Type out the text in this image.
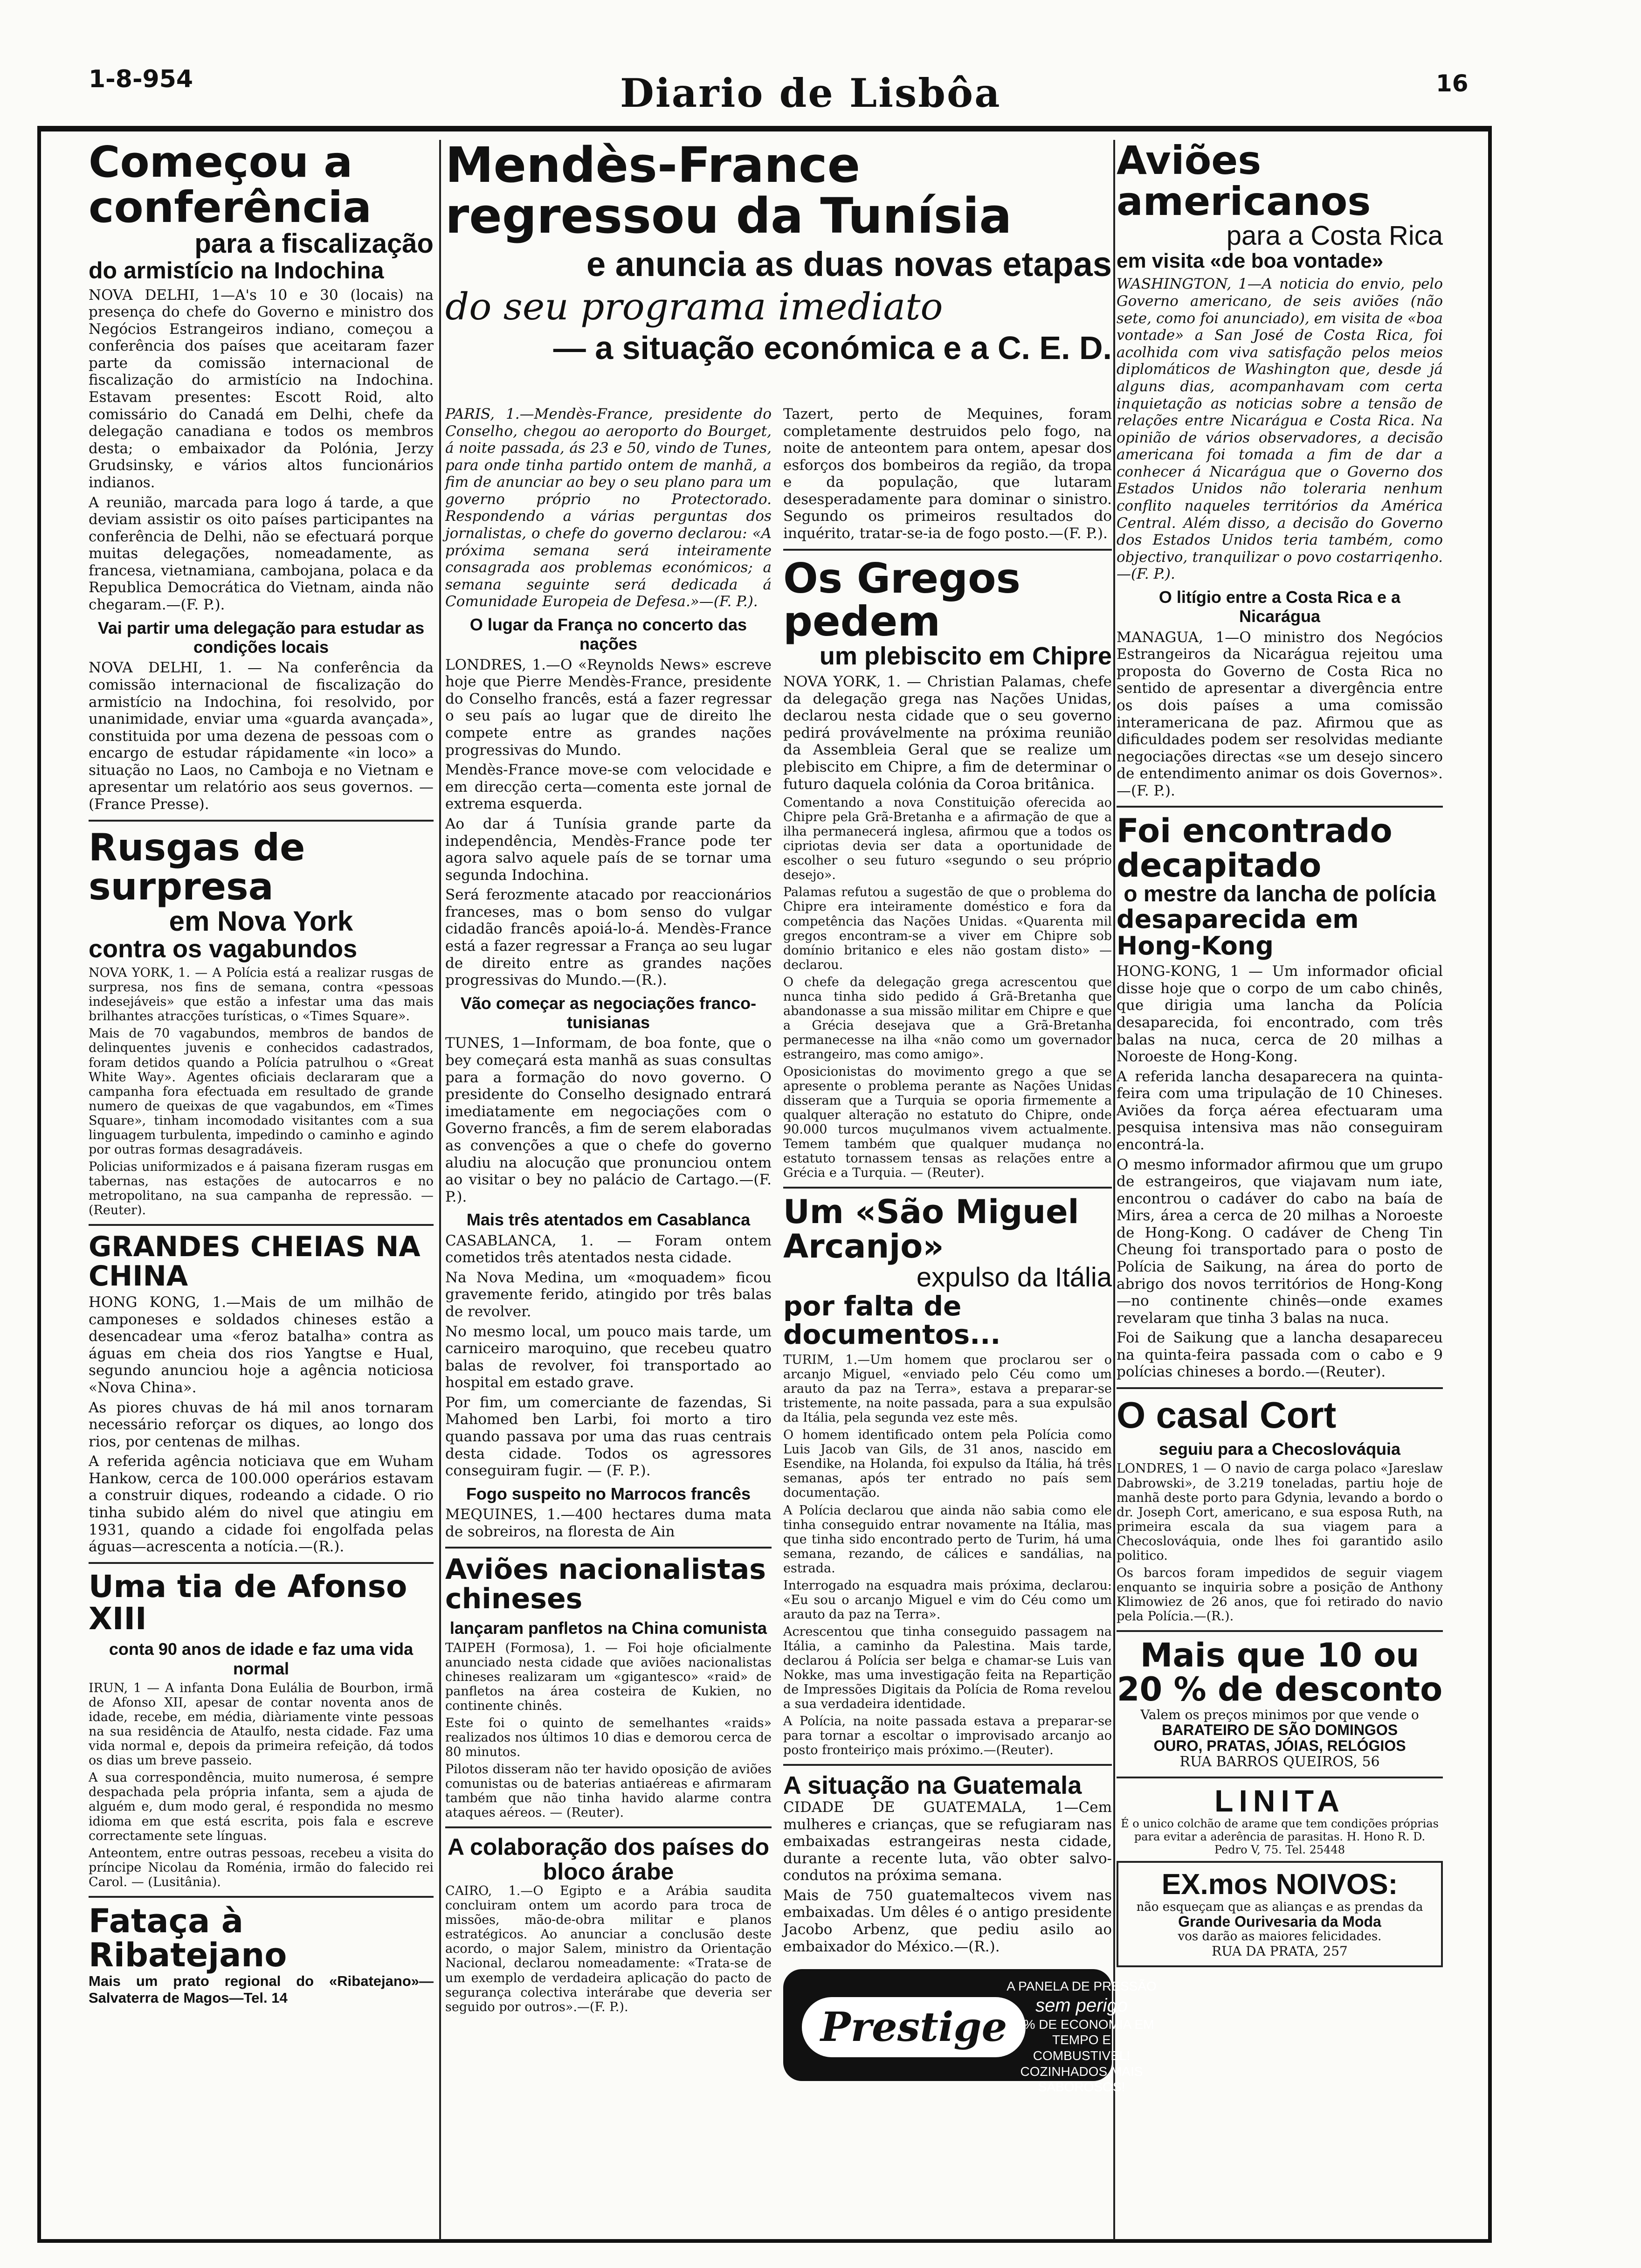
1-8-954	Diario de Lisbôa	16
Começou a conferência
para a fiscalização
do armistício na Indochina

NOVA DELHI, 1—A's 10 e 30 (locais) na presença do chefe do Governo e ministro dos Negócios Estrangeiros indiano, começou a conferência dos países que aceitaram fazer parte da comissão internacional de fiscalização do armistício na Indochina. Estavam presentes: Escott Roid, alto comissário do Canadá em Delhi, chefe da delegação canadiana e todos os membros desta; o embaixador da Polónia, Jerzy Grudsinsky, e vários altos funcionários indianos.

A reunião, marcada para logo á tarde, a que deviam assistir os oito países participantes na conferência de Delhi, não se efectuará porque muitas delegações, nomeadamente, as francesa, vietnamiana, cambojana, polaca e da Republica Democrática do Vietnam, ainda não chegaram.—(F. P.).

Vai partir uma delegação para estudar as condições locais

NOVA DELHI, 1. — Na conferência da comissão internacional de fiscalização do armistício na Indochina, foi resolvido, por unanimidade, enviar uma «guarda avançada», constituida por uma dezena de pessoas com o encargo de estudar rápidamente «in loco» a situação no Laos, no Camboja e no Vietnam e apresentar um relatório aos seus governos. — (France Presse).

Rusgas de surpresa
em Nova York
contra os vagabundos

NOVA YORK, 1. — A Polícia está a realizar rusgas de surpresa, nos fins de semana, contra «pessoas indesejáveis» que estão a infestar uma das mais brilhantes atracções turísticas, o «Times Square».

Mais de 70 vagabundos, membros de bandos de delinquentes juvenis e conhecidos cadastrados, foram detidos quando a Polícia patrulhou o «Great White Way». Agentes oficiais declararam que a campanha fora efectuada em resultado de grande numero de queixas de que vagabundos, em «Times Square», tinham incomodado visitantes com a sua linguagem turbulenta, impedindo o caminho e agindo por outras formas desagradáveis.

Policias uniformizados e á paisana fizeram rusgas em tabernas, nas estações de autocarros e no metropolitano, na sua campanha de repressão. — (Reuter).

GRANDES CHEIAS NA CHINA

HONG KONG, 1.—Mais de um milhão de camponeses e soldados chineses estão a desencadear uma «feroz batalha» contra as águas em cheia dos rios Yangtse e Hual, segundo anunciou hoje a agência noticiosa «Nova China».

As piores chuvas de há mil anos tornaram necessário reforçar os diques, ao longo dos rios, por centenas de milhas.

A referida agência noticiava que em Wuham Hankow, cerca de 100.000 operários estavam a construir diques, rodeando a cidade. O rio tinha subido além do nivel que atingiu em 1931, quando a cidade foi engolfada pelas águas—acrescenta a notícia.—(R.).

Uma tia de Afonso XIII
conta 90 anos de idade e faz uma vida normal

IRUN, 1 — A infanta Dona Eulália de Bourbon, irmã de Afonso XII, apesar de contar noventa anos de idade, recebe, em média, diàriamente vinte pessoas na sua residência de Ataulfo, nesta cidade. Faz uma vida normal e, depois da primeira refeição, dá todos os dias um breve passeio.

A sua correspondência, muito numerosa, é sempre despachada pela própria infanta, sem a ajuda de alguém e, dum modo geral, é respondida no mesmo idioma em que está escrita, pois fala e escreve correctamente sete línguas.

Anteontem, entre outras pessoas, recebeu a visita do príncipe Nicolau da Roménia, irmão do falecido rei Carol. — (Lusitânia).

Fataça à Ribatejano

Mais um prato regional do «Ribatejano»—Salvaterra de Magos—Tel. 14

Mendès-France regressou da Tunísia
e anuncia as duas novas etapas
do seu programa imediato
— a situação económica e a C. E. D.

PARIS, 1.—Mendès-France, presidente do Conselho, chegou ao aeroporto do Bourget, á noite passada, ás 23 e 50, vindo de Tunes, para onde tinha partido ontem de manhã, a fim de anunciar ao bey o seu plano para um governo próprio no Protectorado. Respondendo a várias perguntas dos jornalistas, o chefe do governo declarou: «A próxima semana será inteiramente consagrada aos problemas económicos; a semana seguinte será dedicada á Comunidade Europeia de Defesa.»—(F. P.).

O lugar da França no concerto das nações

LONDRES, 1.—O «Reynolds News» escreve hoje que Pierre Mendès-France, presidente do Conselho francês, está a fazer regressar o seu país ao lugar que de direito lhe compete entre as grandes nações progressivas do Mundo.

Mendès-France move-se com velocidade e em direcção certa—comenta este jornal de extrema esquerda.

Ao dar á Tunísia grande parte da independência, Mendès-France pode ter agora salvo aquele país de se tornar uma segunda Indochina.

Será ferozmente atacado por reaccionários franceses, mas o bom senso do vulgar cidadão francês apoiá-lo-á. Mendès-France está a fazer regressar a França ao seu lugar de direito entre as grandes nações progressivas do Mundo.—(R.).

Vão começar as negociações franco-tunisianas

TUNES, 1—Informam, de boa fonte, que o bey começará esta manhã as suas consultas para a formação do novo governo. O presidente do Conselho designado entrará imediatamente em negociações com o Governo francês, a fim de serem elaboradas as convenções a que o chefe do governo aludiu na alocução que pronunciou ontem ao visitar o bey no palácio de Cartago.—(F. P.).

Mais três atentados em Casablanca

CASABLANCA, 1. — Foram ontem cometidos três atentados nesta cidade.

Na Nova Medina, um «moquadem» ficou gravemente ferido, atingido por três balas de revolver.

No mesmo local, um pouco mais tarde, um carniceiro maroquino, que recebeu quatro balas de revolver, foi transportado ao hospital em estado grave.

Por fim, um comerciante de fazendas, Si Mahomed ben Larbi, foi morto a tiro quando passava por uma das ruas centrais desta cidade. Todos os agressores conseguiram fugir. — (F. P.).

Fogo suspeito no Marrocos francês

MEQUINES, 1.—400 hectares duma mata de sobreiros, na floresta de Ain

Aviões nacionalistas chineses
lançaram panfletos na China comunista

TAIPEH (Formosa), 1. — Foi hoje oficialmente anunciado nesta cidade que aviões nacionalistas chineses realizaram um «gigantesco» «raid» de panfletos na área costeira de Kukien, no continente chinês.

Este foi o quinto de semelhantes «raids» realizados nos últimos 10 dias e demorou cerca de 80 minutos.

Pilotos disseram não ter havido oposição de aviões comunistas ou de baterias antiaéreas e afirmaram também que não tinha havido alarme contra ataques aéreos. — (Reuter).

A colaboração dos países do bloco árabe

CAIRO, 1.—O Egipto e a Arábia saudita concluiram ontem um acordo para troca de missões, mão-de-obra militar e planos estratégicos. Ao anunciar a conclusão deste acordo, o major Salem, ministro da Orientação Nacional, declarou nomeadamente: «Trata-se de um exemplo de verdadeira aplicação do pacto de segurança colectiva interárabe que deveria ser seguido por outros».—(F. P.).

Tazert, perto de Mequines, foram completamente destruidos pelo fogo, na noite de anteontem para ontem, apesar dos esforços dos bombeiros da região, da tropa e da população, que lutaram desesperadamente para dominar o sinistro. Segundo os primeiros resultados do inquérito, tratar-se-ia de fogo posto.—(F. P.).

Os Gregos pedem
um plebiscito em Chipre

NOVA YORK, 1. — Christian Palamas, chefe da delegação grega nas Nações Unidas, declarou nesta cidade que o seu governo pedirá provávelmente na próxima reunião da Assembleia Geral que se realize um plebiscito em Chipre, a fim de determinar o futuro daquela colónia da Coroa britânica.

Comentando a nova Constituição oferecida ao Chipre pela Grã-Bretanha e a afirmação de que a ilha permanecerá inglesa, afirmou que a todos os cipriotas devia ser data a oportunidade de escolher o seu futuro «segundo o seu próprio desejo».

Palamas refutou a sugestão de que o problema do Chipre era inteiramente doméstico e fora da competência das Nações Unidas. «Quarenta mil gregos encontram-se a viver em Chipre sob domínio britanico e eles não gostam disto» — declarou.

O chefe da delegação grega acrescentou que nunca tinha sido pedido á Grã-Bretanha que abandonasse a sua missão militar em Chipre e que a Grécia desejava que a Grã-Bretanha permanecesse na ilha «não como um governador estrangeiro, mas como amigo».

Oposicionistas do movimento grego a que se apresente o problema perante as Nações Unidas disseram que a Turquia se oporia firmemente a qualquer alteração no estatuto do Chipre, onde 90.000 turcos muçulmanos vivem actualmente. Temem também que qualquer mudança no estatuto tornassem tensas as relações entre a Grécia e a Turquia. — (Reuter).

Um «São Miguel Arcanjo»
expulso da Itália
por falta de documentos...

TURIM, 1.—Um homem que proclarou ser o arcanjo Miguel, «enviado pelo Céu como um arauto da paz na Terra», estava a preparar-se tristemente, na noite passada, para a sua expulsão da Itália, pela segunda vez este mês.

O homem identificado ontem pela Polícia como Luis Jacob van Gils, de 31 anos, nascido em Esendike, na Holanda, foi expulso da Itália, há três semanas, após ter entrado no país sem documentação.

A Polícia declarou que ainda não sabia como ele tinha conseguido entrar novamente na Itália, mas que tinha sido encontrado perto de Turim, há uma semana, rezando, de cálices e sandálias, na estrada.

Interrogado na esquadra mais próxima, declarou: «Eu sou o arcanjo Miguel e vim do Céu como um arauto da paz na Terra».

Acrescentou que tinha conseguido passagem na Itália, a caminho da Palestina. Mais tarde, declarou á Polícia ser belga e chamar-se Luis van Nokke, mas uma investigação feita na Repartição de Impressões Digitais da Polícia de Roma revelou a sua verdadeira identidade.

A Polícia, na noite passada estava a preparar-se para tornar a escoltar o improvisado arcanjo ao posto fronteiriço mais próximo.—(Reuter).

A situação na Guatemala

CIDADE DE GUATEMALA, 1—Cem mulheres e crianças, que se refugiaram nas embaixadas estrangeiras nesta cidade, durante a recente luta, vão obter salvo-condutos na próxima semana.

Mais de 750 guatemaltecos vivem nas embaixadas. Um dêles é o antigo presidente Jacobo Arbenz, que pediu asilo ao embaixador do México.—(R.).

Prestige
A PANELA DE PRESSÃO
sem perigo
80% DE ECONOMIA EM TEMPO E COMBUSTIVEL!
COZINHADOS MAIS SABOROSOS!
Aviões americanos
para a Costa Rica
em visita «de boa vontade»

WASHINGTON, 1—A noticia do envio, pelo Governo americano, de seis aviões (não sete, como foi anunciado), em visita de «boa vontade» a San José de Costa Rica, foi acolhida com viva satisfação pelos meios diplomáticos de Washington que, desde já alguns dias, acompanhavam com certa inquietação as noticias sobre a tensão de relações entre Nicarágua e Costa Rica. Na opinião de vários observadores, a decisão americana foi tomada a fim de dar a conhecer á Nicarágua que o Governo dos Estados Unidos não toleraria nenhum conflito naqueles territórios da América Central. Além disso, a decisão do Governo dos Estados Unidos teria também, como objectivo, tranquilizar o povo costarriqenho.—(F. P.).

O litígio entre a Costa Rica e a Nicarágua

MANAGUA, 1—O ministro dos Negócios Estrangeiros da Nicarágua rejeitou uma proposta do Governo de Costa Rica no sentido de apresentar a divergência entre os dois países a uma comissão interamericana de paz. Afirmou que as dificuldades podem ser resolvidas mediante negociações directas «se um desejo sincero de entendimento animar os dois Governos».—(F. P.).

Foi encontrado decapitado
o mestre da lancha de polícia
desaparecida em Hong-Kong

HONG-KONG, 1 — Um informador oficial disse hoje que o corpo de um cabo chinês, que dirigia uma lancha da Polícia desaparecida, foi encontrado, com três balas na nuca, cerca de 20 milhas a Noroeste de Hong-Kong.

A referida lancha desaparecera na quinta-feira com uma tripulação de 10 Chineses. Aviões da força aérea efectuaram uma pesquisa intensiva mas não conseguiram encontrá-la.

O mesmo informador afirmou que um grupo de estrangeiros, que viajavam num iate, encontrou o cadáver do cabo na baía de Mirs, área a cerca de 20 milhas a Noroeste de Hong-Kong. O cadáver de Cheng Tin Cheung foi transportado para o posto de Polícia de Saikung, na área do porto de abrigo dos novos territórios de Hong-Kong—no continente chinês—onde exames revelaram que tinha 3 balas na nuca.

Foi de Saikung que a lancha desapareceu na quinta-feira passada com o cabo e 9 polícias chineses a bordo.—(Reuter).

O casal Cort
seguiu para a Checoslováquia

LONDRES, 1 — O navio de carga polaco «Jareslaw Dabrowski», de 3.219 toneladas, partiu hoje de manhã deste porto para Gdynia, levando a bordo o dr. Joseph Cort, americano, e sua esposa Ruth, na primeira escala da sua viagem para a Checoslováquia, onde lhes foi garantido asilo politico.

Os barcos foram impedidos de seguir viagem enquanto se inquiria sobre a posição de Anthony Klimowiez de 26 anos, que foi retirado do navio pela Polícia.—(R.).

Mais que 10 ou 20 % de desconto
Valem os preços minimos por que vende o
BARATEIRO DE SÃO DOMINGOS
OURO, PRATAS, JÓIAS, RELÓGIOS
RUA BARROS QUEIROS, 56
LINITA
É o unico colchão de arame que tem condições próprias para evitar a aderência de parasitas. H. Hono R. D. Pedro V, 75. Tel. 25448
EX.mos NOIVOS:
não esqueçam que as alianças e as prendas da
Grande Ourivesaria da Moda
vos darão as maiores felicidades.
RUA DA PRATA, 257
